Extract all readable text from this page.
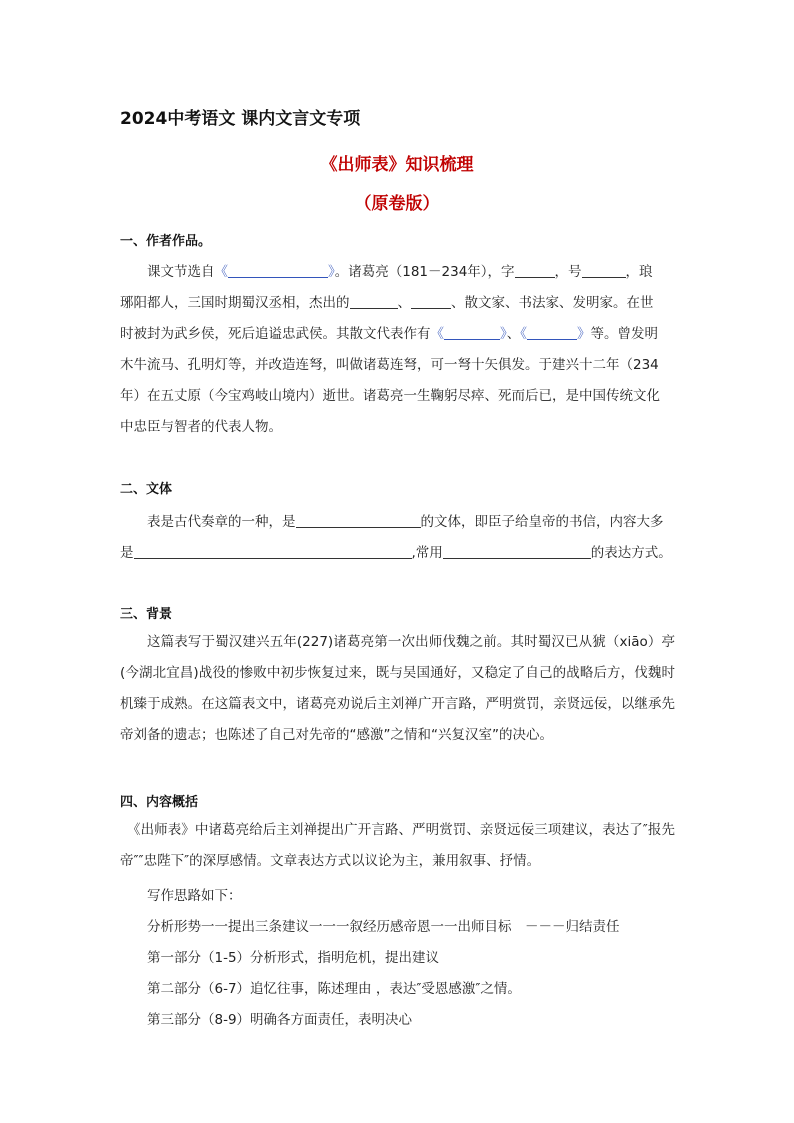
2024中考语文 课内文言文专项
《出师表》知识梳理
（原卷版）
一、作者作品。
课文节选自《	》。诸葛亮（181－234年），字	，号	，琅
琊阳都人，三国时期蜀汉丞相，杰出的	、	、散文家、书法家、发明家。在世
时被封为武乡侯，死后追谥忠武侯。其散文代表作有《	》、《	》等。曾发明
木牛流马、孔明灯等，并改造连弩，叫做诸葛连弩，可一弩十矢俱发。于建兴十二年（234
年）在五丈原（今宝鸡岐山境内）逝世。诸葛亮一生鞠躬尽瘁、死而后已，是中国传统文化
中忠臣与智者的代表人物。
二、文体
表是古代奏章的一种，是	的文体，即臣子给皇帝的书信，内容大多
是	,常用	的表达方式。
三、背景
这篇表写于蜀汉建兴五年(227)诸葛亮第一次出师伐魏之前。其时蜀汉已从猇（xiāo）亭(今湖北宜昌)战役的惨败中初步恢复过来，既与吴国通好，又稳定了自己的战略后方，伐魏时机臻于成熟。在这篇表文中，诸葛亮劝说后主刘禅广开言路，严明赏罚，亲贤远佞，以继承先帝刘备的遗志；也陈述了自己对先帝的“感激”之情和“兴复汉室”的决心。
四、内容概括
《出师表》中诸葛亮给后主刘禅提出广开言路、严明赏罚、亲贤远佞三项建议，表达了″报先帝″″忠陛下″的深厚感情。文章表达方式以议论为主，兼用叙事、抒情。
写作思路如下：
分析形势一一提出三条建议一一一叙经历感帝恩一一出师目标　－－－归结责任
第一部分（1-5）分析形式，指明危机，提出建议
第二部分（6-7）追忆往事，陈述理由 ，表达″受恩感激″之情。
第三部分（8-9）明确各方面责任，表明决心
